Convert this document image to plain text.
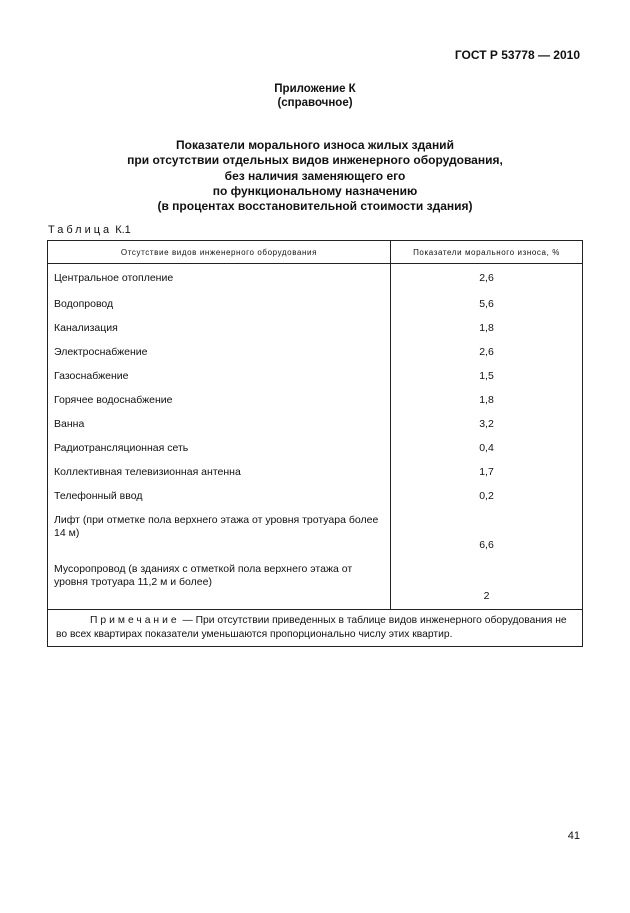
ГОСТ Р 53778 — 2010
Приложение К
(справочное)
Показатели морального износа жилых зданий
при отсутствии отдельных видов инженерного оборудования,
без наличия заменяющего его
по функциональному назначению
(в процентах восстановительной стоимости здания)
Таблица К.1
Отсутствие видов инженерного оборудования	Показатели морального износа, %
Центральное отопление	2,6
Водопровод	5,6
Канализация	1,8
Электроснабжение	2,6
Газоснабжение	1,5
Горячее водоснабжение	1,8
Ванна	3,2
Радиотрансляционная сеть	0,4
Коллективная телевизионная антенна	1,7
Телефонный ввод	0,2
Лифт (при отметке пола верхнего этажа от уровня тротуара более 14 м)	6,6
Мусоропровод (в зданиях с отметкой пола верхнего этажа от уровня тротуара 11,2 м и более)	2
Примечание — При отсутствии приведенных в таблице видов инженерного оборудования не во всех квартирах показатели уменьшаются пропорционально числу этих квартир.	
41
